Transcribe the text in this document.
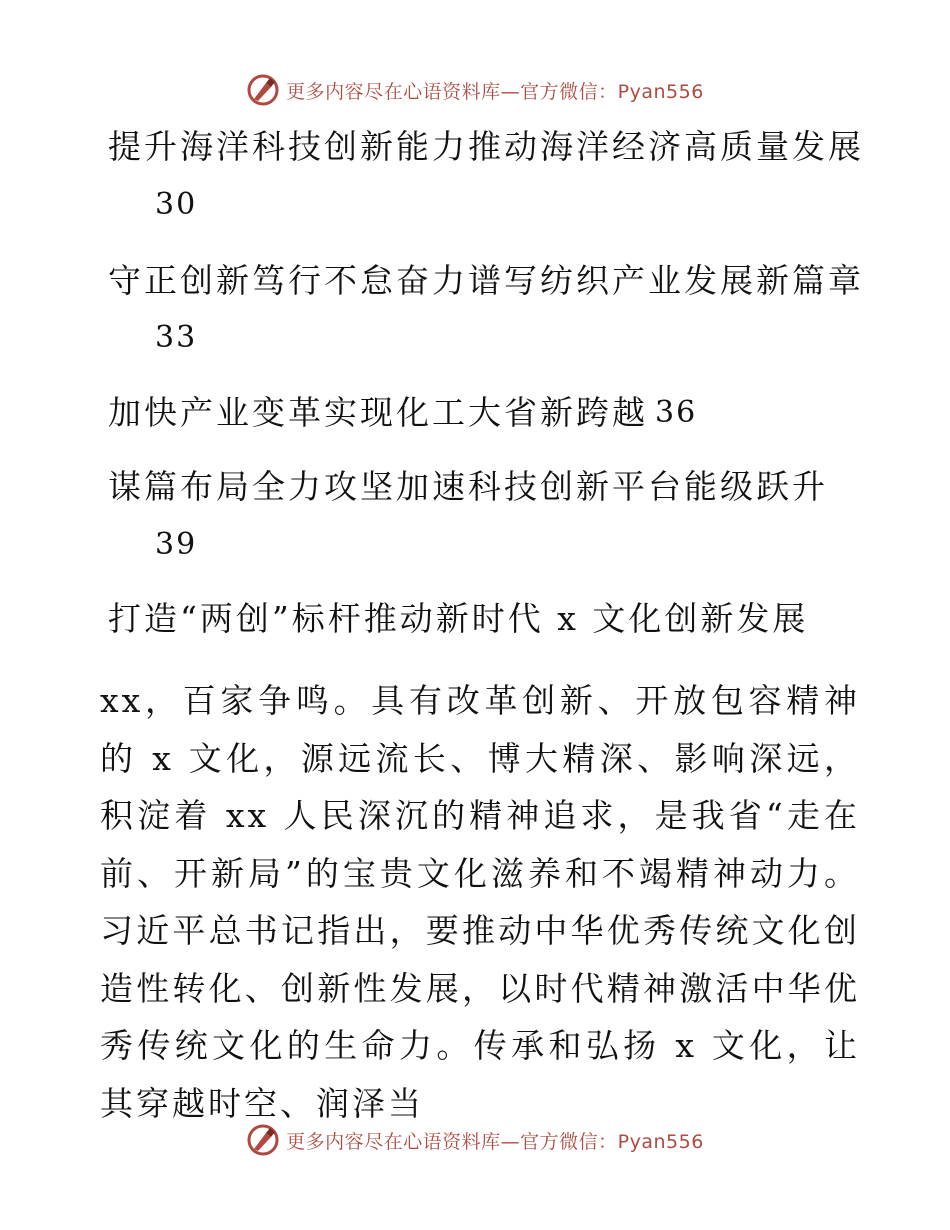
更多内容尽在心语资料库—官方微信：Pyan556
提升海洋科技创新能力推动海洋经济高质量发展
30
守正创新笃行不怠奋力谱写纺织产业发展新篇章
33
加快产业变革实现化工大省新跨越 36
谋篇布局全力攻坚加速科技创新平台能级跃升
39
打造“两创”标杆推动新时代 x 文化创新发展
xx，百家争鸣。具有改革创新、开放包容精神的 x 文化，源远流长、博大精深、影响深远，积淀着 xx 人民深沉的精神追求，是我省“走在前、开新局”的宝贵文化滋养和不竭精神动力。习近平总书记指出，要推动中华优秀传统文化创造性转化、创新性发展，以时代精神激活中华优秀传统文化的生命力。传承和弘扬 x 文化，让其穿越时空、润泽当
更多内容尽在心语资料库—官方微信：Pyan556
